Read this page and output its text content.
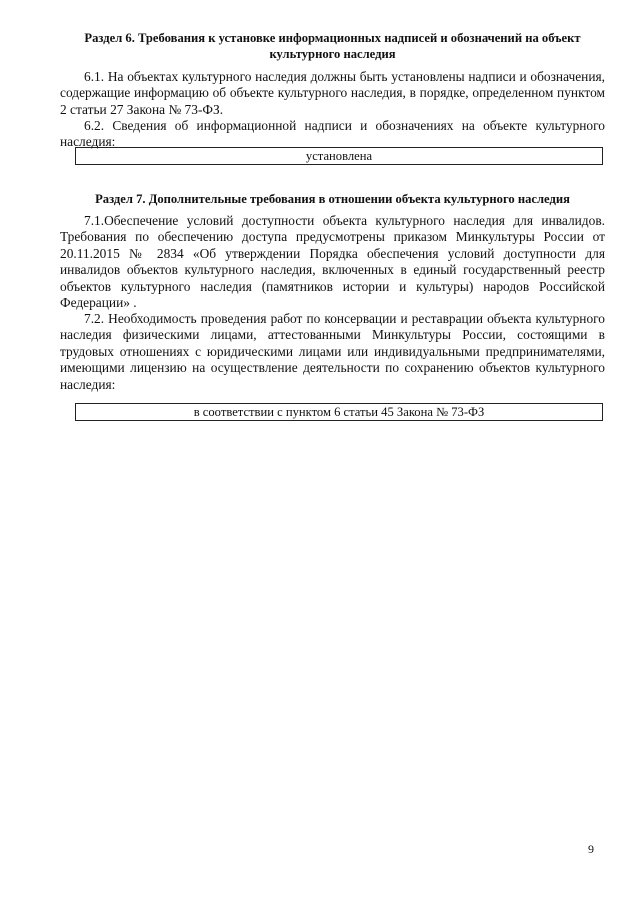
Раздел 6. Требования к установке информационных надписей и обозначений на объект культурного наследия

6.1. На объектах культурного наследия должны быть установлены надписи и обозначения, содержащие информацию об объекте культурного наследия, в порядке, определенном пунктом 2 статьи 27 Закона № 73-ФЗ.

6.2. Сведения об информационной надписи и обозначениях на объекте культурного наследия:

установлена
Раздел 7. Дополнительные требования в отношении объекта культурного наследия

7.1.Обеспечение условий доступности объекта культурного наследия для инвалидов. Требования по обеспечению доступа предусмотрены приказом Минкультуры России от 20.11.2015 № 2834 «Об утверждении Порядка обеспечения условий доступности для инвалидов объектов культурного наследия, включенных в единый государственный реестр объектов культурного наследия (памятников истории и культуры) народов Российской Федерации» .

7.2. Необходимость проведения работ по консервации и реставрации объекта культурного наследия физическими лицами, аттестованными Минкультуры России, состоящими в трудовых отношениях с юридическими лицами или индивидуальными предпринимателями, имеющими лицензию на осуществление деятельности по сохранению объектов культурного наследия:

в соответствии с пунктом 6 статьи 45 Закона № 73-ФЗ

9
